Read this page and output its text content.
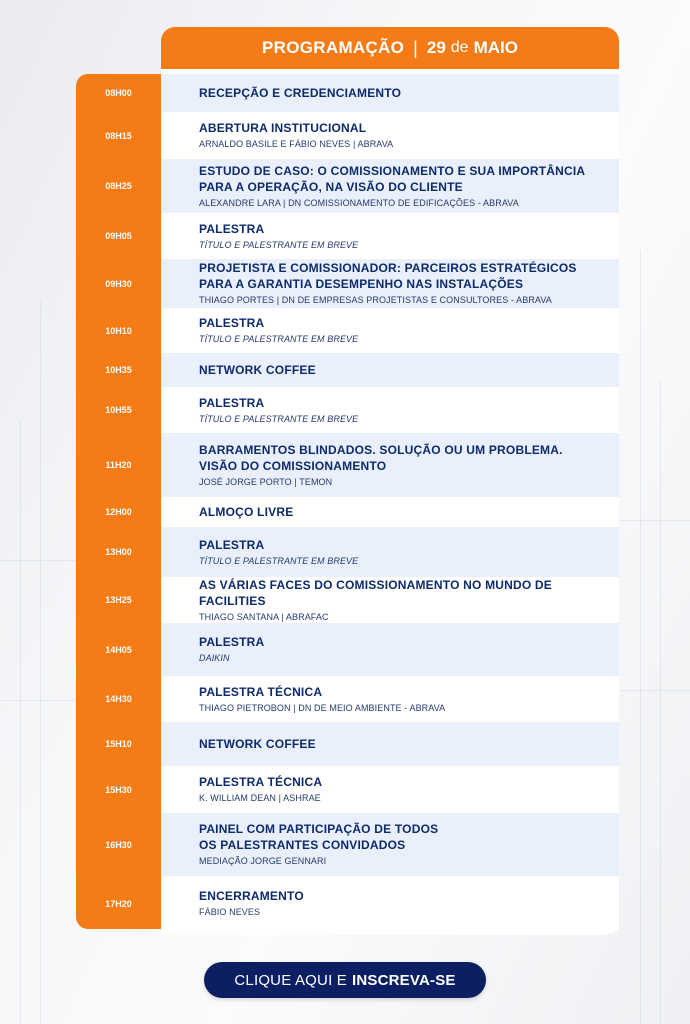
PROGRAMAÇÃO | 29 de MAIO
RECEPÇÃO E CREDENCIAMENTO
08H00
ABERTURA INSTITUCIONAL
ARNALDO BASILE E FÁBIO NEVES | ABRAVA
08H15
ESTUDO DE CASO: O COMISSIONAMENTO E SUA IMPORTÂNCIA
PARA A OPERAÇÃO, NA VISÃO DO CLIENTE
ALEXANDRE LARA | DN COMISSIONAMENTO DE EDIFICAÇÕES - ABRAVA
08H25
PALESTRA
TÍTULO E PALESTRANTE EM BREVE
09H05
PROJETISTA E COMISSIONADOR: PARCEIROS ESTRATÉGICOS
PARA A GARANTIA DESEMPENHO NAS INSTALAÇÕES
THIAGO PORTES | DN DE EMPRESAS PROJETISTAS E CONSULTORES - ABRAVA
09H30
PALESTRA
TÍTULO E PALESTRANTE EM BREVE
10H10
NETWORK COFFEE
10H35
PALESTRA
TÍTULO E PALESTRANTE EM BREVE
10H55
BARRAMENTOS BLINDADOS. SOLUÇÃO OU UM PROBLEMA.
VISÃO DO COMISSIONAMENTO
JOSÉ JORGE PORTO | TEMON
11H20
ALMOÇO LIVRE
12H00
PALESTRA
TÍTULO E PALESTRANTE EM BREVE
13H00
AS VÁRIAS FACES DO COMISSIONAMENTO NO MUNDO DE FACILITIES
THIAGO SANTANA | ABRAFAC
13H25
PALESTRA
DAIKIN
14H05
PALESTRA TÉCNICA
THIAGO PIETROBON | DN DE MEIO AMBIENTE - ABRAVA
14H30
NETWORK COFFEE
15H10
PALESTRA TÉCNICA
K. WILLIAM DEAN | ASHRAE
15H30
PAINEL COM PARTICIPAÇÃO DE TODOS
OS PALESTRANTES CONVIDADOS
MEDIAÇÃO JORGE GENNARI
16H30
ENCERRAMENTO
FÁBIO NEVES
17H20
CLIQUE AQUI E INSCREVA-SE
